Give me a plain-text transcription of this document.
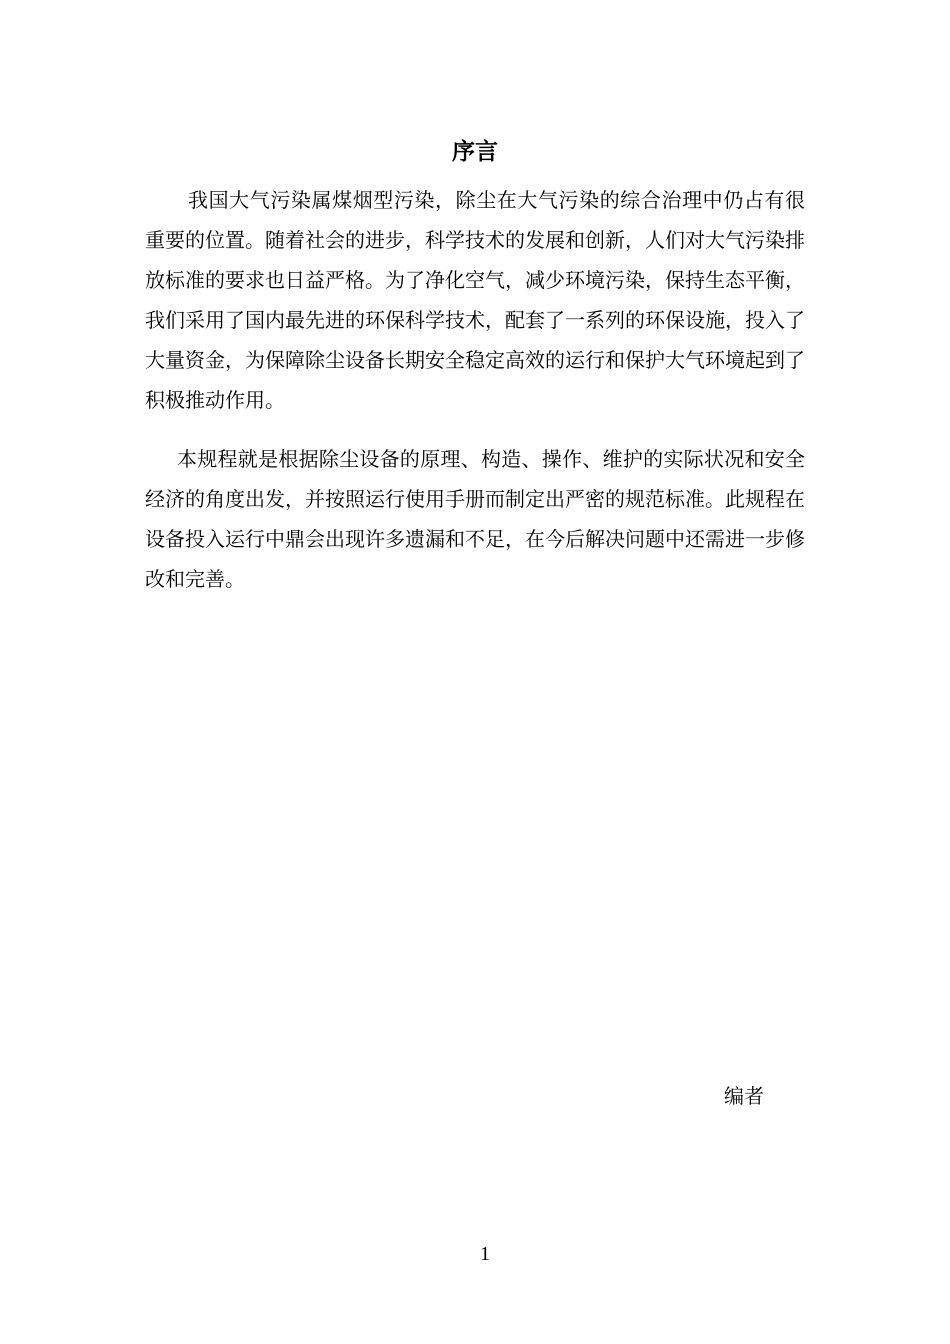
序言

我国大气污染属煤烟型污染，除尘在大气污染的综合治理中仍占有很重要的位置。随着社会的进步，科学技术的发展和创新，人们对大气污染排放标准的要求也日益严格。为了净化空气，减少环境污染，保持生态平衡，我们采用了国内最先进的环保科学技术，配套了一系列的环保设施，投入了大量资金，为保障除尘设备长期安全稳定高效的运行和保护大气环境起到了积极推动作用。

本规程就是根据除尘设备的原理、构造、操作、维护的实际状况和安全经济的角度出发，并按照运行使用手册而制定出严密的规范标准。此规程在设备投入运行中鼎会出现许多遗漏和不足，在今后解决问题中还需进一步修改和完善。

编者
1
